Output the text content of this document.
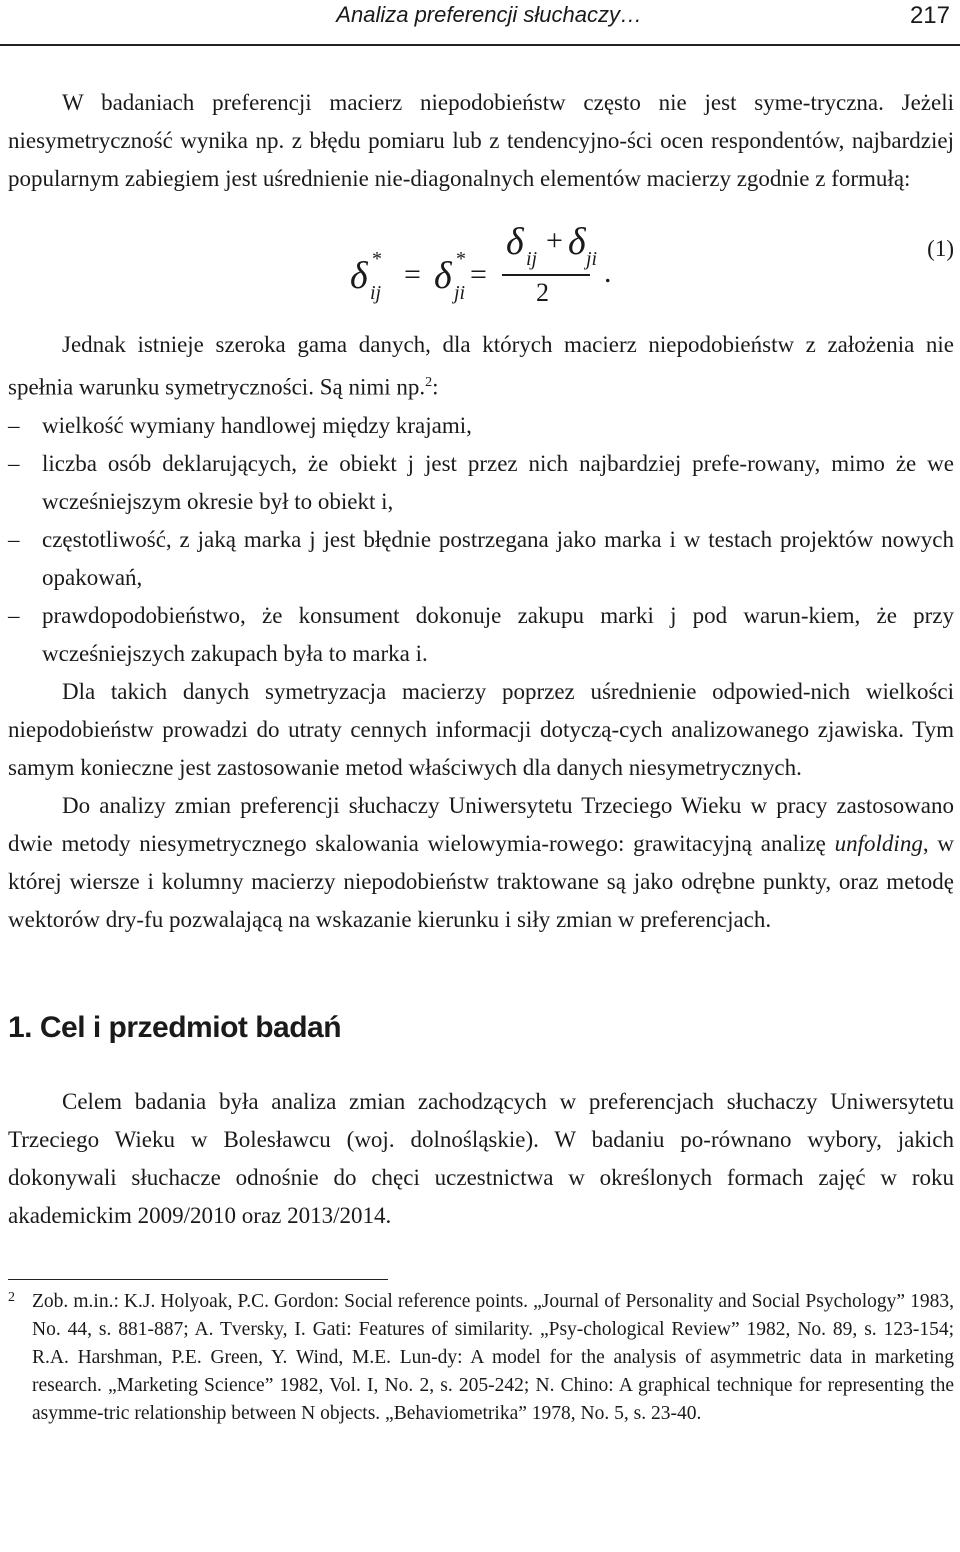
Analiza preferencji słuchaczy…	217

W badaniach preferencji macierz niepodobieństw często nie jest syme-tryczna. Jeżeli niesymetryczność wynika np. z błędu pomiaru lub z tendencyjno-ści ocen respondentów, najbardziej popularnym zabiegiem jest uśrednienie nie-diagonalnych elementów macierzy zgodnie z formułą:

δ *
ij
= δ *
ji
=
δ ij
+ δ ji
2
.
(1)

Jednak istnieje szeroka gama danych, dla których macierz niepodobieństw z założenia nie spełnia warunku symetryczności. Są nimi np.$^2$:

– wielkość wymiany handlowej między krajami,
– liczba osób deklarujących, że obiekt j jest przez nich najbardziej prefe-rowany, mimo że we wcześniejszym okresie był to obiekt i,
– częstotliwość, z jaką marka j jest błędnie postrzegana jako marka i w testach projektów nowych opakowań,
– prawdopodobieństwo, że konsument dokonuje zakupu marki j pod warun-kiem, że przy wcześniejszych zakupach była to marka i.

Dla takich danych symetryzacja macierzy poprzez uśrednienie odpowied-nich wielkości niepodobieństw prowadzi do utraty cennych informacji dotyczą-cych analizowanego zjawiska. Tym samym konieczne jest zastosowanie metod właściwych dla danych niesymetrycznych.

Do analizy zmian preferencji słuchaczy Uniwersytetu Trzeciego Wieku w pracy zastosowano dwie metody niesymetrycznego skalowania wielowymia-rowego: grawitacyjną analizę unfolding, w której wiersze i kolumny macierzy niepodobieństw traktowane są jako odrębne punkty, oraz metodę wektorów dry-fu pozwalającą na wskazanie kierunku i siły zmian w preferencjach.

1. Cel i przedmiot badań

Celem badania była analiza zmian zachodzących w preferencjach słuchaczy Uniwersytetu Trzeciego Wieku w Bolesławcu (woj. dolnośląskie). W badaniu po-równano wybory, jakich dokonywali słuchacze odnośnie do chęci uczestnictwa w określonych formach zajęć w roku akademickim 2009/2010 oraz 2013/2014.

2 Zob. m.in.: K.J. Holyoak, P.C. Gordon: Social reference points. „Journal of Personality and Social Psychology” 1983, No. 44, s. 881-887; A. Tversky, I. Gati: Features of similarity. „Psy-chological Review” 1982, No. 89, s. 123-154; R.A. Harshman, P.E. Green, Y. Wind, M.E. Lun-dy: A model for the analysis of asymmetric data in marketing research. „Marketing Science” 1982, Vol. I, No. 2, s. 205-242; N. Chino: A graphical technique for representing the asymme-tric relationship between N objects. „Behaviometrika” 1978, No. 5, s. 23-40.
